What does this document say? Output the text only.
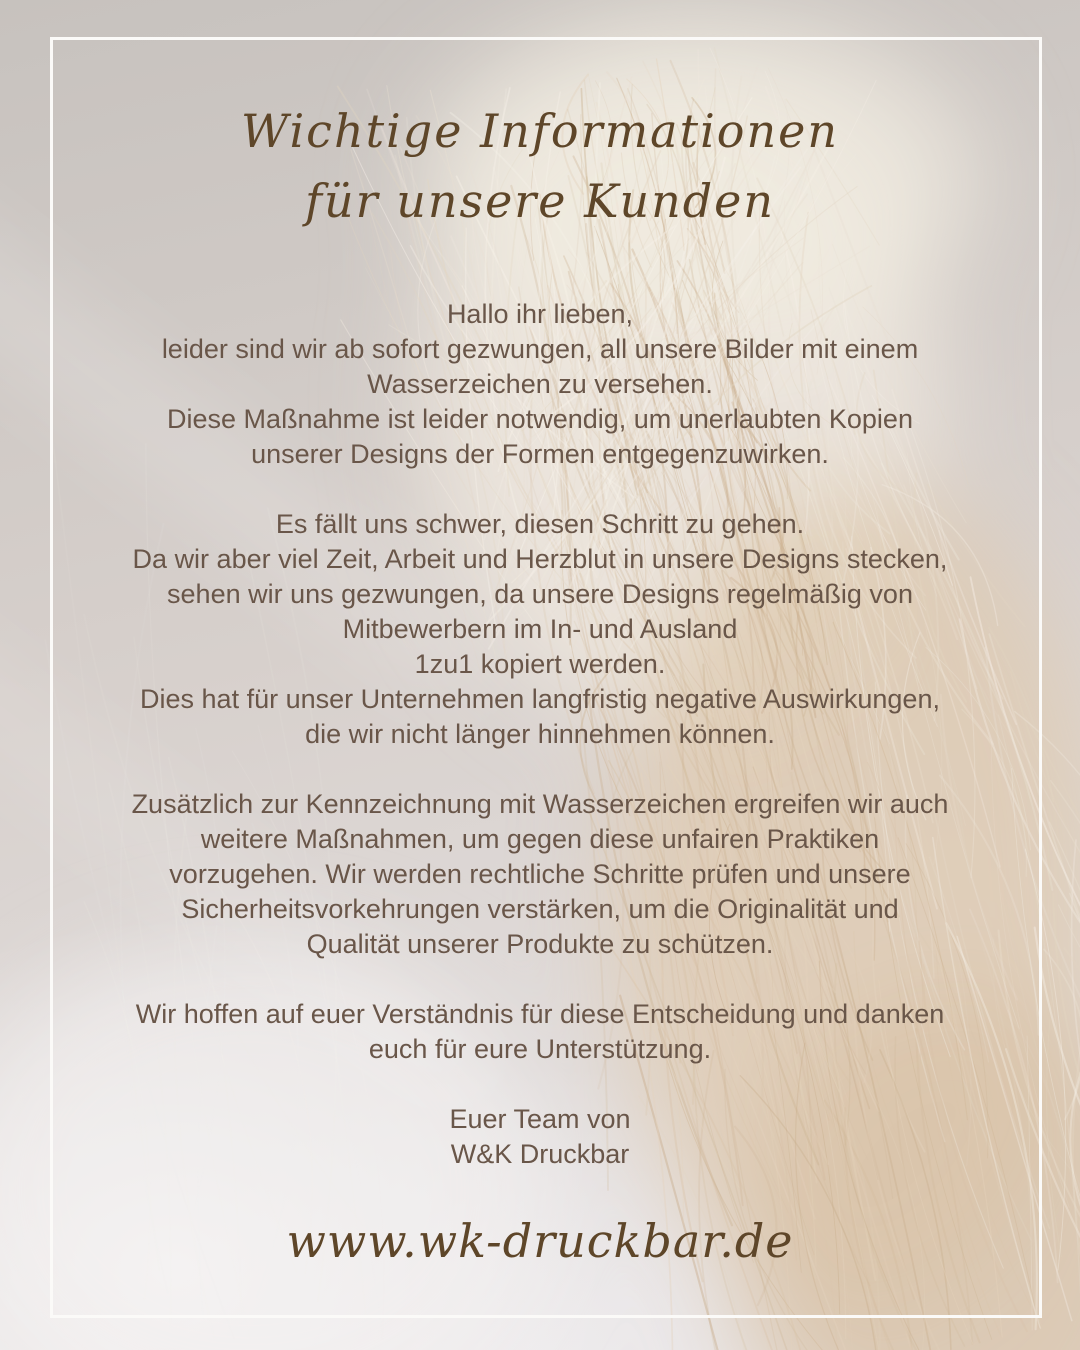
Wichtige Informationen
für unsere Kunden
Hallo ihr lieben,
leider sind wir ab sofort gezwungen, all unsere Bilder mit einem
Wasserzeichen zu versehen.
Diese Maßnahme ist leider notwendig, um unerlaubten Kopien
unserer Designs der Formen entgegenzuwirken.
Es fällt uns schwer, diesen Schritt zu gehen.
Da wir aber viel Zeit, Arbeit und Herzblut in unsere Designs stecken,
sehen wir uns gezwungen, da unsere Designs regelmäßig von
Mitbewerbern im In- und Ausland
1zu1 kopiert werden.
Dies hat für unser Unternehmen langfristig negative Auswirkungen,
die wir nicht länger hinnehmen können.
Zusätzlich zur Kennzeichnung mit Wasserzeichen ergreifen wir auch
weitere Maßnahmen, um gegen diese unfairen Praktiken
vorzugehen. Wir werden rechtliche Schritte prüfen und unsere
Sicherheitsvorkehrungen verstärken, um die Originalität und
Qualität unserer Produkte zu schützen.
Wir hoffen auf euer Verständnis für diese Entscheidung und danken
euch für eure Unterstützung.
Euer Team von
W&K Druckbar
www.wk-druckbar.de
